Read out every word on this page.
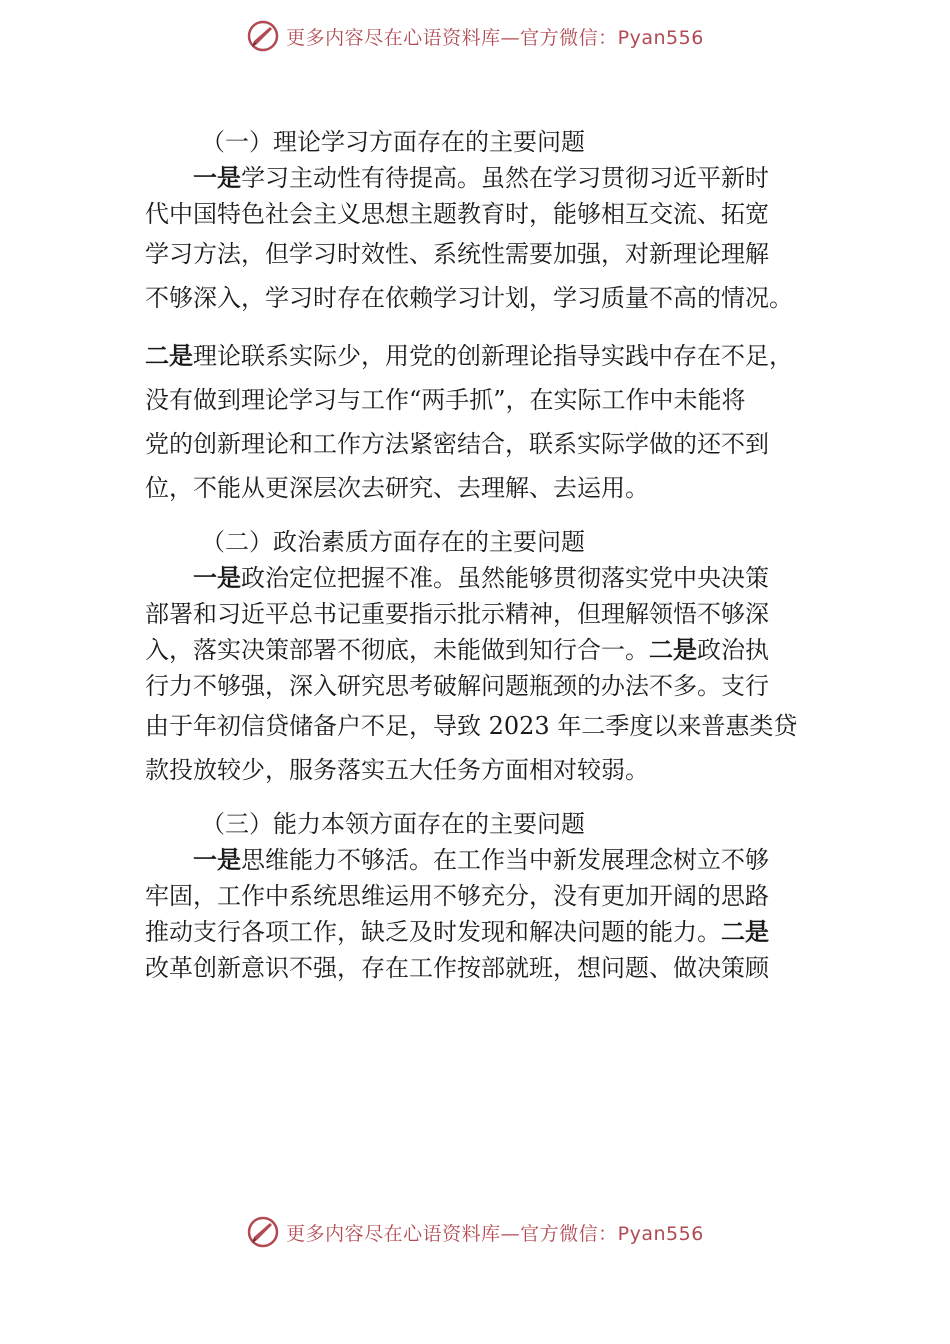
更多内容尽在心语资料库—官方微信：Pyan556
（一）理论学习方面存在的主要问题

一是学习主动性有待提高。虽然在学习贯彻习近平新时

代中国特色社会主义思想主题教育时，能够相互交流、拓宽
学习方法，但学习时效性、系统性需要加强，对新理论理解
不够深入，学习时存在依赖学习计划，学习质量不高的情况。
二是理论联系实际少，用党的创新理论指导实践中存在不足，
没有做到理论学习与工作“两手抓”，在实际工作中未能将
党的创新理论和工作方法紧密结合，联系实际学做的还不到
位，不能从更深层次去研究、去理解、去运用。
（二）政治素质方面存在的主要问题

一是政治定位把握不准。虽然能够贯彻落实党中央决策

部署和习近平总书记重要指示批示精神，但理解领悟不够深
入，落实决策部署不彻底，未能做到知行合一。二是政治执
行力不够强，深入研究思考破解问题瓶颈的办法不多。支行
由于年初信贷储备户不足，导致 2023 年二季度以来普惠类贷
款投放较少，服务落实五大任务方面相对较弱。
（三）能力本领方面存在的主要问题

一是思维能力不够活。在工作当中新发展理念树立不够

牢固，工作中系统思维运用不够充分，没有更加开阔的思路
推动支行各项工作，缺乏及时发现和解决问题的能力。二是
改革创新意识不强，存在工作按部就班，想问题、做决策顾
更多内容尽在心语资料库—官方微信：Pyan556
